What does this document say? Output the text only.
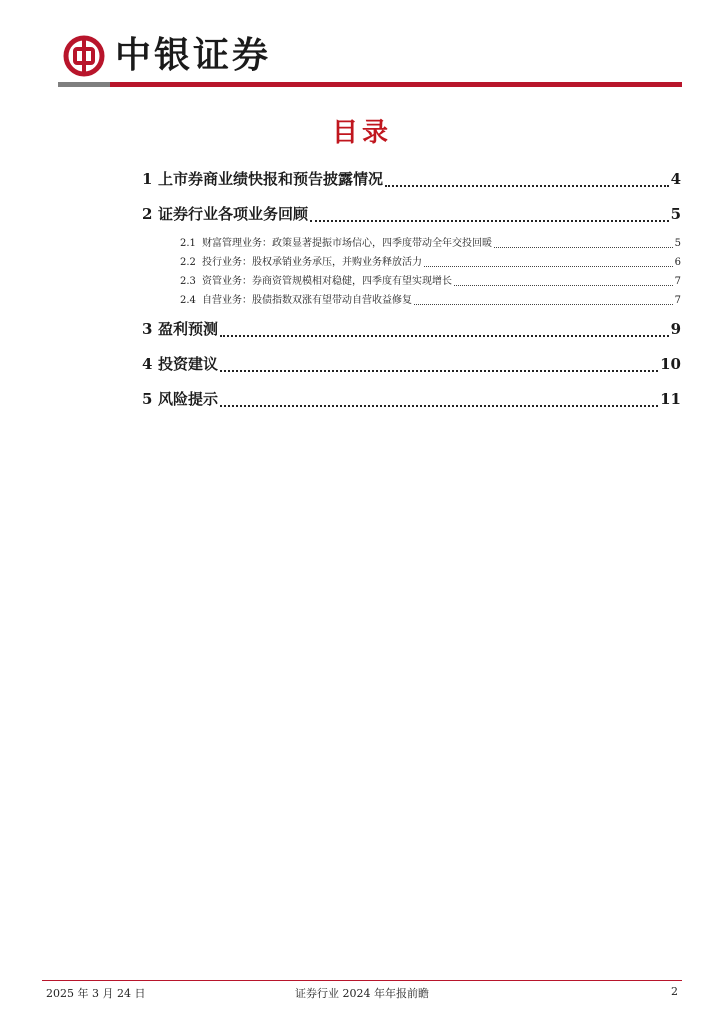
中银证券
目录
1 上市券商业绩快报和预告披露情况	4
2 证券行业各项业务回顾	5
2.1 财富管理业务：政策显著提振市场信心，四季度带动全年交投回暖	5
2.2 投行业务：股权承销业务承压，并购业务释放活力	6
2.3 资管业务：券商资管规模相对稳健，四季度有望实现增长	7
2.4 自营业务：股债指数双涨有望带动自营收益修复	7
3 盈利预测	9
4 投资建议	10
5 风险提示	11
2025 年 3 月 24 日	证券行业 2024 年年报前瞻	2
